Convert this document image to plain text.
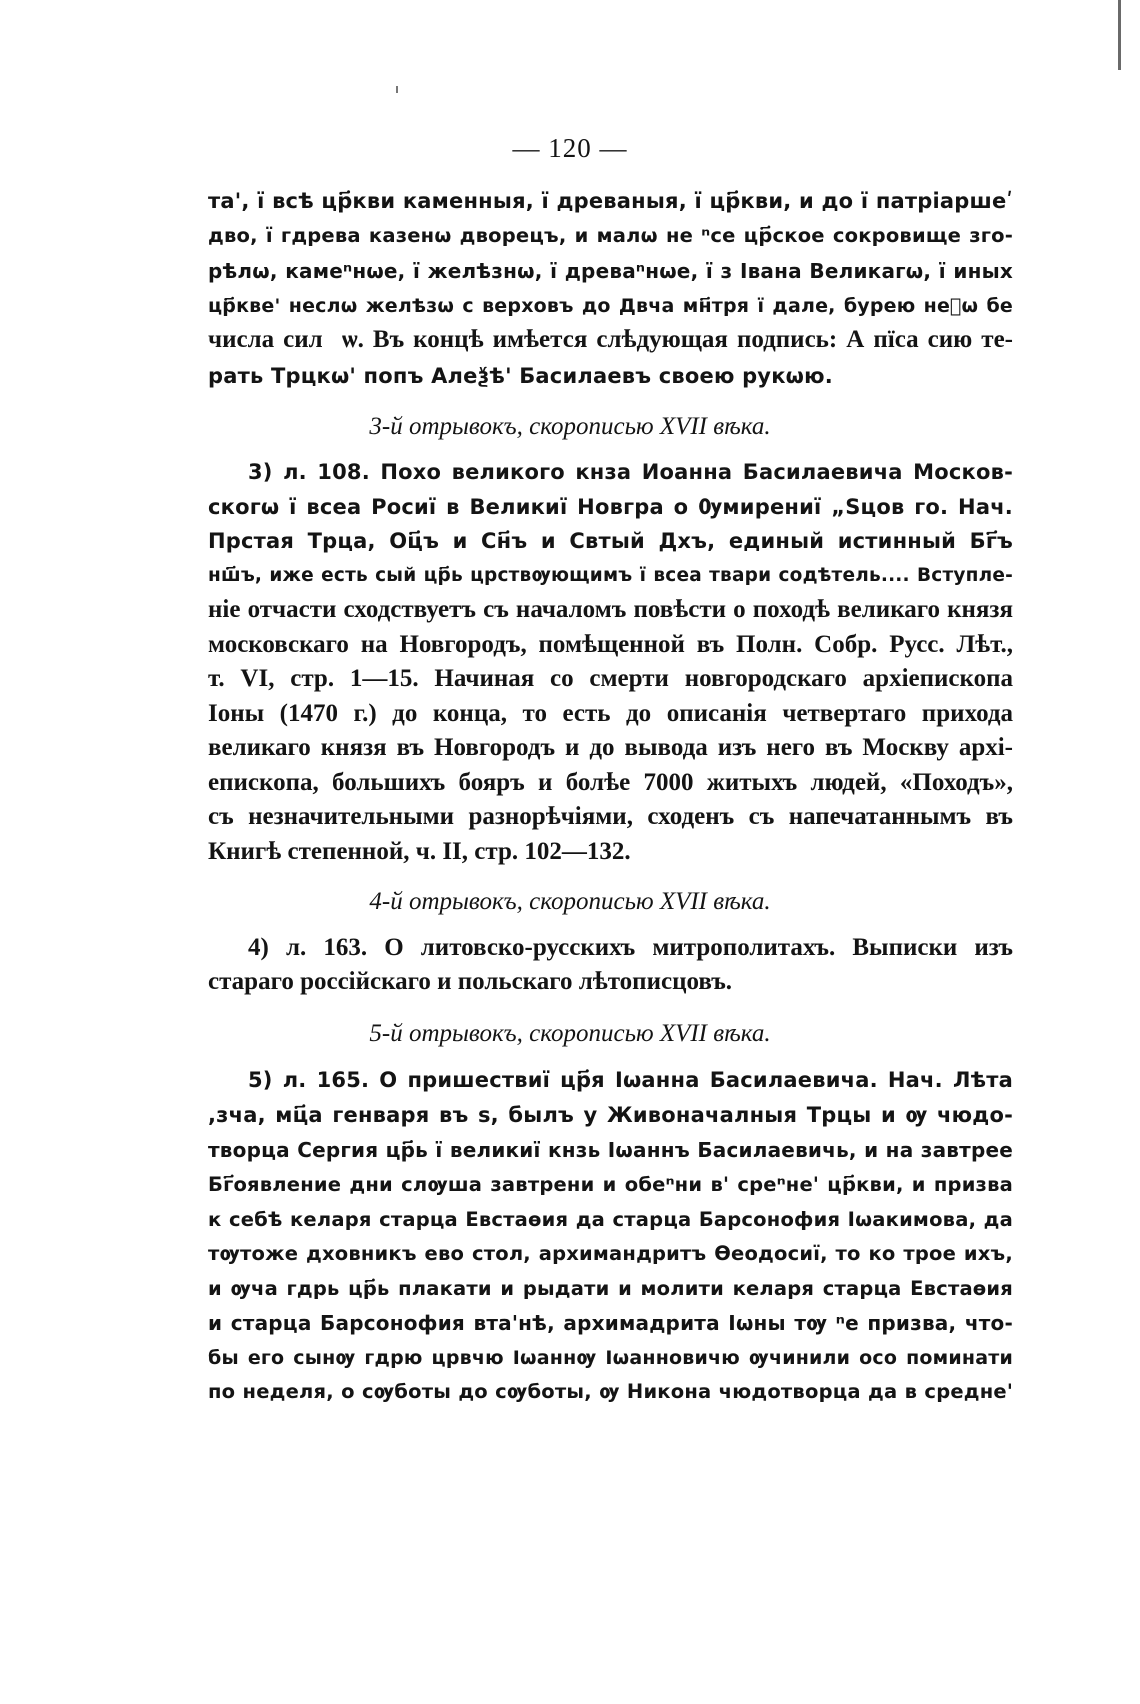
— 120 —
та', ї всѣ цр҃кви каменныя, ї древаныя, ї цр҃кви, и до ї патріаршеʹ
дво, ї гдрева казенѡ дворецъ, и малѡ не ⁿсе цр҃ское сокровище зго-
рѣлѡ, камеⁿнѡе, ї желѣзнѡ, ї древаⁿнѡе, ї з Івана Великагѡ, ї иных
цр҃кве' неслѡ желѣзѡ с верховъ до Двча мн҃тря ї дале, бурею неⷩѡ бе
числа силⷩѡ. Въ концѣ имѣется слѣдующая подпись: А пїса сию те-
рать Трцкѡ' попъ Алеѯѣ' Басилаевъ своею рукѡю.
3-й отрывокъ, скорописью XVII вѣка.
3) л. 108. Похо великого кнза Иоанна Басилаевича Москов-
скогѡ ї всеа Росиї в Великиї Новгра о Ѹмирениї „Ѕцов го. Нач.
Прстая Трца, Оц҃ъ и Сн҃ъ и Свтый Дхъ, единый истинный Бг҃ъ
нш҃ъ, иже есть сый цр҃ь црствѹющимъ ї всеа твари содѣтель.... Вступле-
ніе отчасти сходствуетъ съ началомъ повѣсти о походѣ великаго князя
московскаго на Новгородъ, помѣщенной въ Полн. Собр. Русс. Лѣт.,
т. VI, стр. 1—15. Начиная со смерти новгородскаго архіепископа
Іоны (1470 г.) до конца, то есть до описанія четвертаго прихода
великаго князя въ Новгородъ и до вывода изъ него въ Москву архі-
епископа, большихъ бояръ и болѣе 7000 житыхъ людей, «Походъ»,
съ незначительными разнорѣчіями, сходенъ съ напечатаннымъ въ
Книгѣ степенной, ч. II, стр. 102—132.
4-й отрывокъ, скорописью XVII вѣка.
4) л. 163. О литовско-русскихъ митрополитахъ. Выписки изъ
стараго россійскаго и польскаго лѣтописцовъ.
5-й отрывокъ, скорописью XVII вѣка.
5) л. 165. О пришествиї цр҃я Іѡанна Басилаевича. Нач. Лѣта
,зча, мц҃а генваря въ ѕ, былъ у Живоначалныя Трцы и ѹ чюдо-
творца Сергия цр҃ь ї великиї кнзь Іѡаннъ Басилаевичь, и на завтрее
Бг҃оявление дни слѹша завтрени и обеⁿни в' среⁿне' цр҃кви, и призва
к себѣ келаря старца Евстаѳия да старца Барсонофия Іѡакимова, да
тѹтоже дховникъ ево стол, архимандритъ Ѳеодосиї, то ко трое ихъ,
и ѹча гдрь цр҃ь плакати и рыдати и молити келаря старца Евстаѳия
и старца Барсонофия вта'нѣ, архимадрита Іѡны тѹ ⁿе призва, что-
бы его сынѹ гдрю црвчю Іѡаннѹ Іѡанновичю ѹчинили осо поминати
по неделя, о сѹботы до сѹботы, ѹ Никона чюдотворца да в средне'
